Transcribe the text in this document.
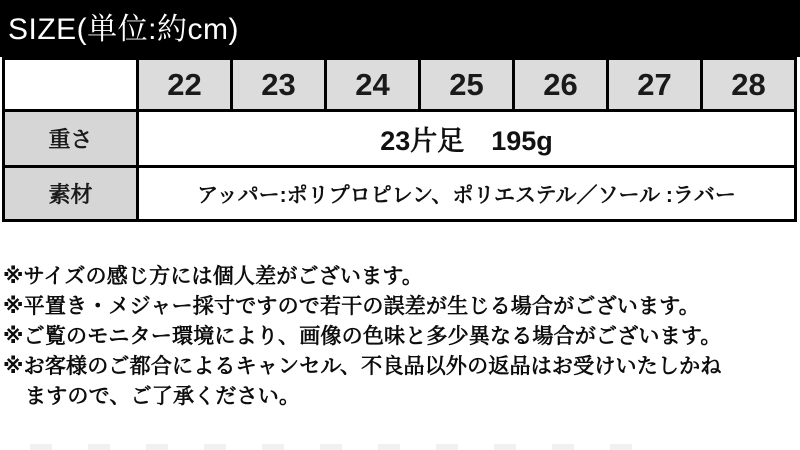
SIZE(単位:約cm)
	22	23	24	25	26	27	28
重さ	23片足　195g						
素材	アッパー:ポリプロピレン、ポリエステル／ソール :ラバー						
※サイズの感じ方には個人差がございます。
※平置き・メジャー採寸ですので若干の誤差が生じる場合がございます。
※ご覧のモニター環境により、画像の色味と多少異なる場合がございます。
※お客様のご都合によるキャンセル、不良品以外の返品はお受けいたしかね
ますので、ご了承ください。
